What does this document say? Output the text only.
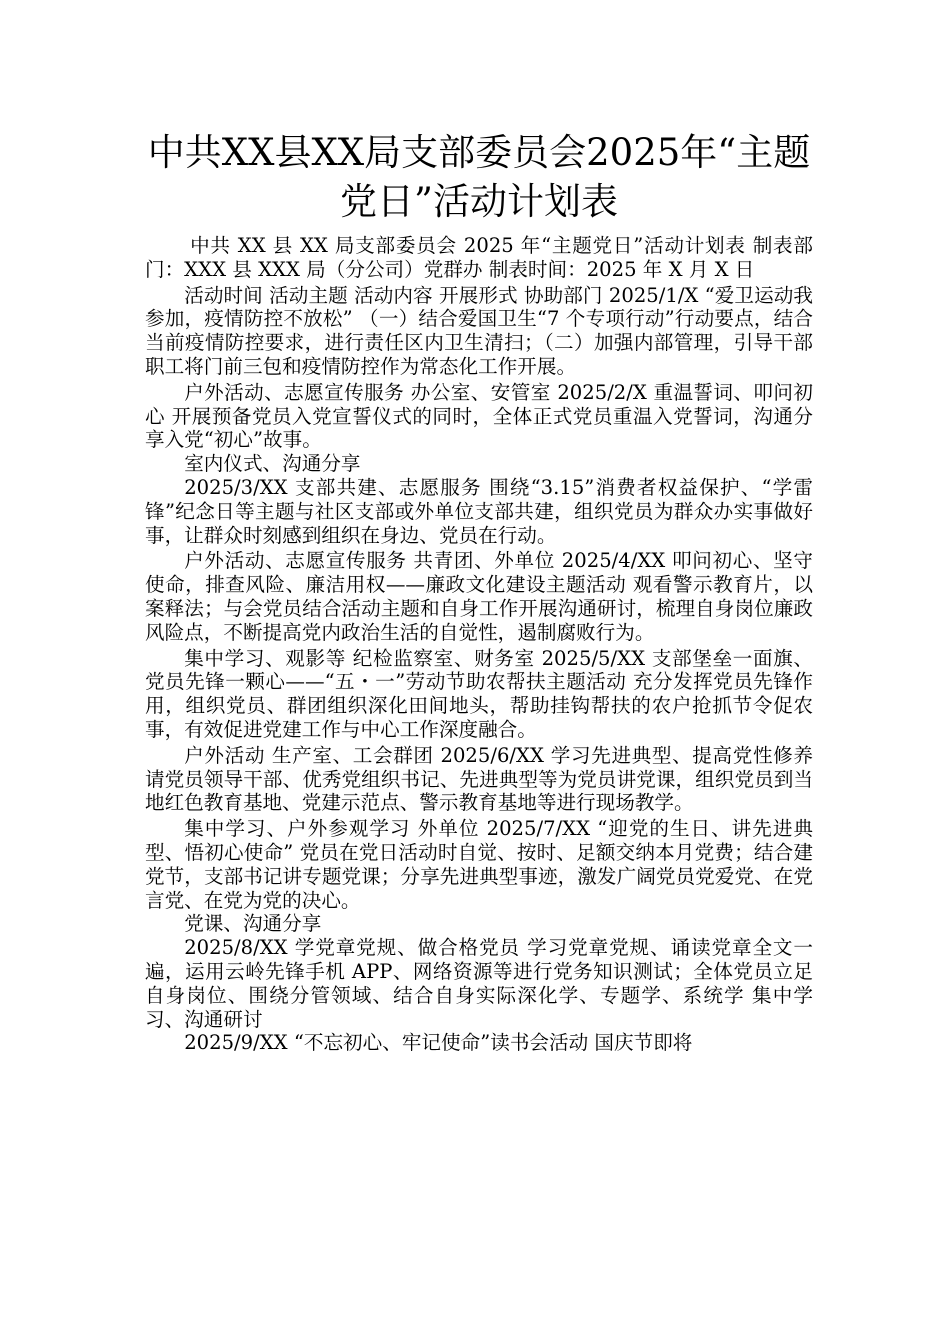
中共XX县XX局支部委员会2025年“主题党日”活动计划表

中共 XX 县 XX 局支部委员会 2025 年“主题党日”活动计划表 制表部门：XXX 县 XXX 局（分公司）党群办 制表时间：2025 年 X 月 X 日

活动时间 活动主题 活动内容 开展形式 协助部门 2025/1/X “爱卫运动我参加，疫情防控不放松” （一）结合爱国卫生“7 个专项行动”行动要点，结合当前疫情防控要求，进行责任区内卫生清扫；（二）加强内部管理，引导干部职工将门前三包和疫情防控作为常态化工作开展。

户外活动、志愿宣传服务 办公室、安管室 2025/2/X 重温誓词、叩问初心 开展预备党员入党宣誓仪式的同时，全体正式党员重温入党誓词，沟通分享入党“初心”故事。

室内仪式、沟通分享

2025/3/XX 支部共建、志愿服务 围绕“3.15”消费者权益保护、“学雷锋”纪念日等主题与社区支部或外单位支部共建，组织党员为群众办实事做好事，让群众时刻感到组织在身边、党员在行动。

户外活动、志愿宣传服务 共青团、外单位 2025/4/XX 叩问初心、坚守使命，排查风险、廉洁用权——廉政文化建设主题活动 观看警示教育片，以案释法；与会党员结合活动主题和自身工作开展沟通研讨，梳理自身岗位廉政风险点，不断提高党内政治生活的自觉性，遏制腐败行为。

集中学习、观影等 纪检监察室、财务室 2025/5/XX 支部堡垒一面旗、党员先锋一颗心——“五・一”劳动节助农帮扶主题活动 充分发挥党员先锋作用，组织党员、群团组织深化田间地头，帮助挂钩帮扶的农户抢抓节令促农事，有效促进党建工作与中心工作深度融合。

户外活动 生产室、工会群团 2025/6/XX 学习先进典型、提高党性修养 请党员领导干部、优秀党组织书记、先进典型等为党员讲党课，组织党员到当地红色教育基地、党建示范点、警示教育基地等进行现场教学。

集中学习、户外参观学习 外单位 2025/7/XX “迎党的生日、讲先进典型、悟初心使命” 党员在党日活动时自觉、按时、足额交纳本月党费；结合建党节，支部书记讲专题党课；分享先进典型事迹，激发广阔党员党爱党、在党言党、在党为党的决心。

党课、沟通分享

2025/8/XX 学党章党规、做合格党员 学习党章党规、诵读党章全文一遍，运用云岭先锋手机 APP、网络资源等进行党务知识测试；全体党员立足自身岗位、围绕分管领域、结合自身实际深化学、专题学、系统学 集中学习、沟通研讨

2025/9/XX “不忘初心、牢记使命”读书会活动 国庆节即将
